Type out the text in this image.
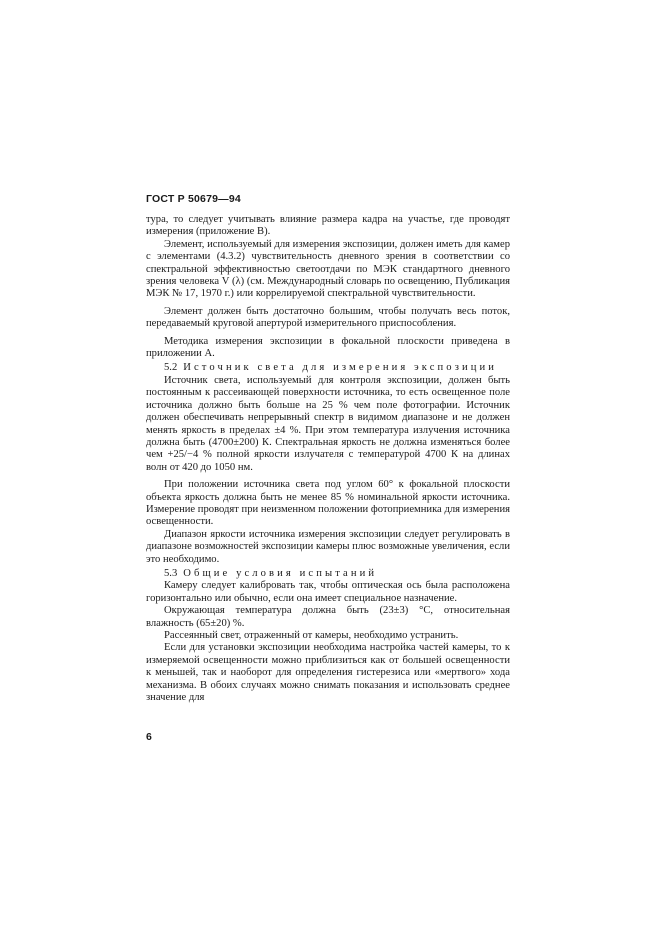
ГОСТ Р 50679—94

тура, то следует учитывать влияние размера кадра на участье, где проводят измерения (приложение В).

Элемент, используемый для измерения экспозиции, должен иметь для камер с элементами (4.3.2) чувствительность дневного зрения в соответствии со спектральной эффективностью светоотдачи по МЭК стандартного дневного зрения человека V (λ) (см. Международный словарь по освещению, Публикация МЭК № 17, 1970 г.) или коррелируемой спектральной чувствительности.

Элемент должен быть достаточно большим, чтобы получать весь поток, передаваемый круговой апертурой измерительного приспособления.

Методика измерения экспозиции в фокальной плоскости приведена в приложении А.

5.2 Источник света для измерения экспозиции

Источник света, используемый для контроля экспозиции, должен быть постоянным к рассеивающей поверхности источника, то есть освещенное поле источника должно быть больше на 25 % чем поле фотографии. Источник должен обеспечивать непрерывный спектр в видимом диапазоне и не должен менять яркость в пределах ±4 %. При этом температура излучения источника должна быть (4700±200) К. Спектральная яркость не должна изменяться более чем +25/−4 % полной яркости излучателя с температурой 4700 К на длинах волн от 420 до 1050 нм.

При положении источника света под углом 60° к фокальной плоскости объекта яркость должна быть не менее 85 % номинальной яркости источника. Измерение проводят при неизменном положении фотоприемника для измерения освещенности.

Диапазон яркости источника измерения экспозиции следует регулировать в диапазоне возможностей экспозиции камеры плюс возможные увеличения, если это необходимо.

5.3 Общие условия испытаний

Камеру следует калибровать так, чтобы оптическая ось была расположена горизонтально или обычно, если она имеет специальное назначение.

Окружающая температура должна быть (23±3) °С, относительная влажность (65±20) %.

Рассеянный свет, отраженный от камеры, необходимо устранить.

Если для установки экспозиции необходима настройка частей камеры, то к измеряемой освещенности можно приблизиться как от большей освещенности к меньшей, так и наоборот для определения гистерезиса или «мертвого» хода механизма. В обоих случаях можно снимать показания и использовать среднее значение для

6
